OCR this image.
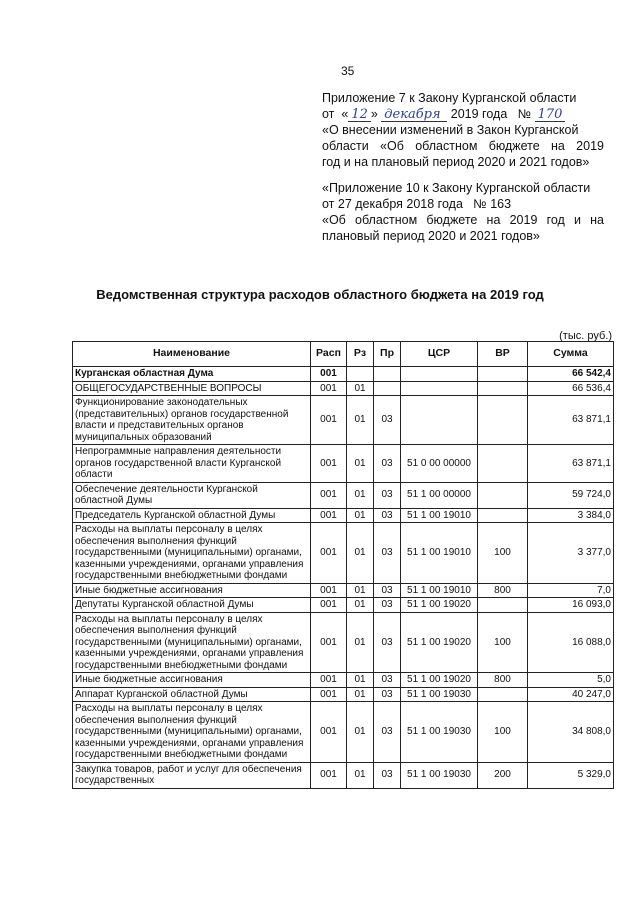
35
Приложение 7 к Закону Курганской области
от  « 12 » декабря 2019 года № 170
«О внесении изменений в Закон Курганской
области «Об областном бюджете на 2019
год и на плановый период 2020 и 2021 годов»
«Приложение 10 к Закону Курганской области
от 27 декабря 2018 года   № 163
«Об областном бюджете на 2019 год и на
плановый период 2020 и 2021 годов»
Ведомственная структура расходов областного бюджета на 2019 год
(тыс. руб.)
Наименование	Расп	Рз	Пр	ЦСР	ВР	Сумма
Курганская областная Дума	001					66 542,4
ОБЩЕГОСУДАРСТВЕННЫЕ ВОПРОСЫ	001	01				66 536,4
Функционирование законодательных (представительных) органов государственной власти и представительных органов муниципальных образований	001	01	03			63 871,1
Непрограммные направления деятельности органов государственной власти Курганской области	001	01	03	51 0 00 00000		63 871,1
Обеспечение деятельности Курганской областной Думы	001	01	03	51 1 00 00000		59 724,0
Председатель Курганской областной Думы	001	01	03	51 1 00 19010		3 384,0
Расходы на выплаты персоналу в целях обеспечения выполнения функций государственными (муниципальными) органами, казенными учреждениями, органами управления государственными внебюджетными фондами	001	01	03	51 1 00 19010	100	3 377,0
Иные бюджетные ассигнования	001	01	03	51 1 00 19010	800	7,0
Депутаты Курганской областной Думы	001	01	03	51 1 00 19020		16 093,0
Расходы на выплаты персоналу в целях обеспечения выполнения функций государственными (муниципальными) органами, казенными учреждениями, органами управления государственными внебюджетными фондами	001	01	03	51 1 00 19020	100	16 088,0
Иные бюджетные ассигнования	001	01	03	51 1 00 19020	800	5,0
Аппарат Курганской областной Думы	001	01	03	51 1 00 19030		40 247,0
Расходы на выплаты персоналу в целях обеспечения выполнения функций государственными (муниципальными) органами, казенными учреждениями, органами управления государственными внебюджетными фондами	001	01	03	51 1 00 19030	100	34 808,0
Закупка товаров, работ и услуг для обеспечения государственных	001	01	03	51 1 00 19030	200	5 329,0
